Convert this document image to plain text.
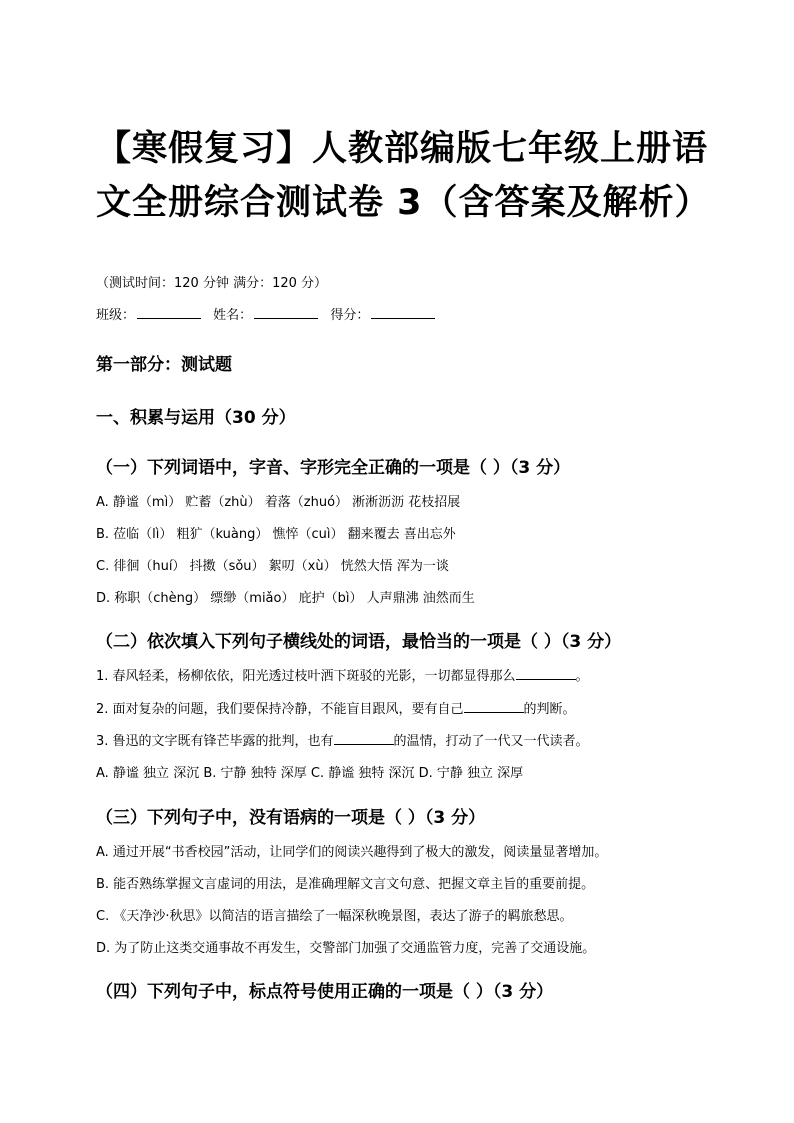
【寒假复习】人教部编版七年级上册语
文全册综合测试卷 3（含答案及解析）
（测试时间：120 分钟 满分：120 分）
班级：	姓名：	得分：
第一部分：测试题
一、积累与运用（30 分）
（一）下列词语中，字音、字形完全正确的一项是（ ）（3 分）
A. 静谧（mì） 贮蓄（zhù） 着落（zhuó） 淅淅沥沥 花枝招展
B. 莅临（lì） 粗犷（kuàng） 憔悴（cuì） 翻来覆去 喜出忘外
C. 徘徊（huí） 抖擞（sǒu） 絮叨（xù） 恍然大悟 浑为一谈
D. 称职（chèng） 缥缈（miǎo） 庇护（bì） 人声鼎沸 油然而生
（二）依次填入下列句子横线处的词语，最恰当的一项是（ ）（3 分）
1. 春风轻柔，杨柳依依，阳光透过枝叶洒下斑驳的光影，一切都显得那么	。
2. 面对复杂的问题，我们要保持冷静，不能盲目跟风，要有自己	的判断。
3. 鲁迅的文字既有锋芒毕露的批判，也有	的温情，打动了一代又一代读者。
A. 静谧 独立 深沉 B. 宁静 独特 深厚 C. 静谧 独特 深沉 D. 宁静 独立 深厚
（三）下列句子中，没有语病的一项是（ ）（3 分）
A. 通过开展“书香校园”活动，让同学们的阅读兴趣得到了极大的激发，阅读量显著增加。
B. 能否熟练掌握文言虚词的用法，是准确理解文言文句意、把握文章主旨的重要前提。
C. 《天净沙·秋思》以简洁的语言描绘了一幅深秋晚景图，表达了游子的羁旅愁思。
D. 为了防止这类交通事故不再发生，交警部门加强了交通监管力度，完善了交通设施。
（四）下列句子中，标点符号使用正确的一项是（ ）（3 分）
